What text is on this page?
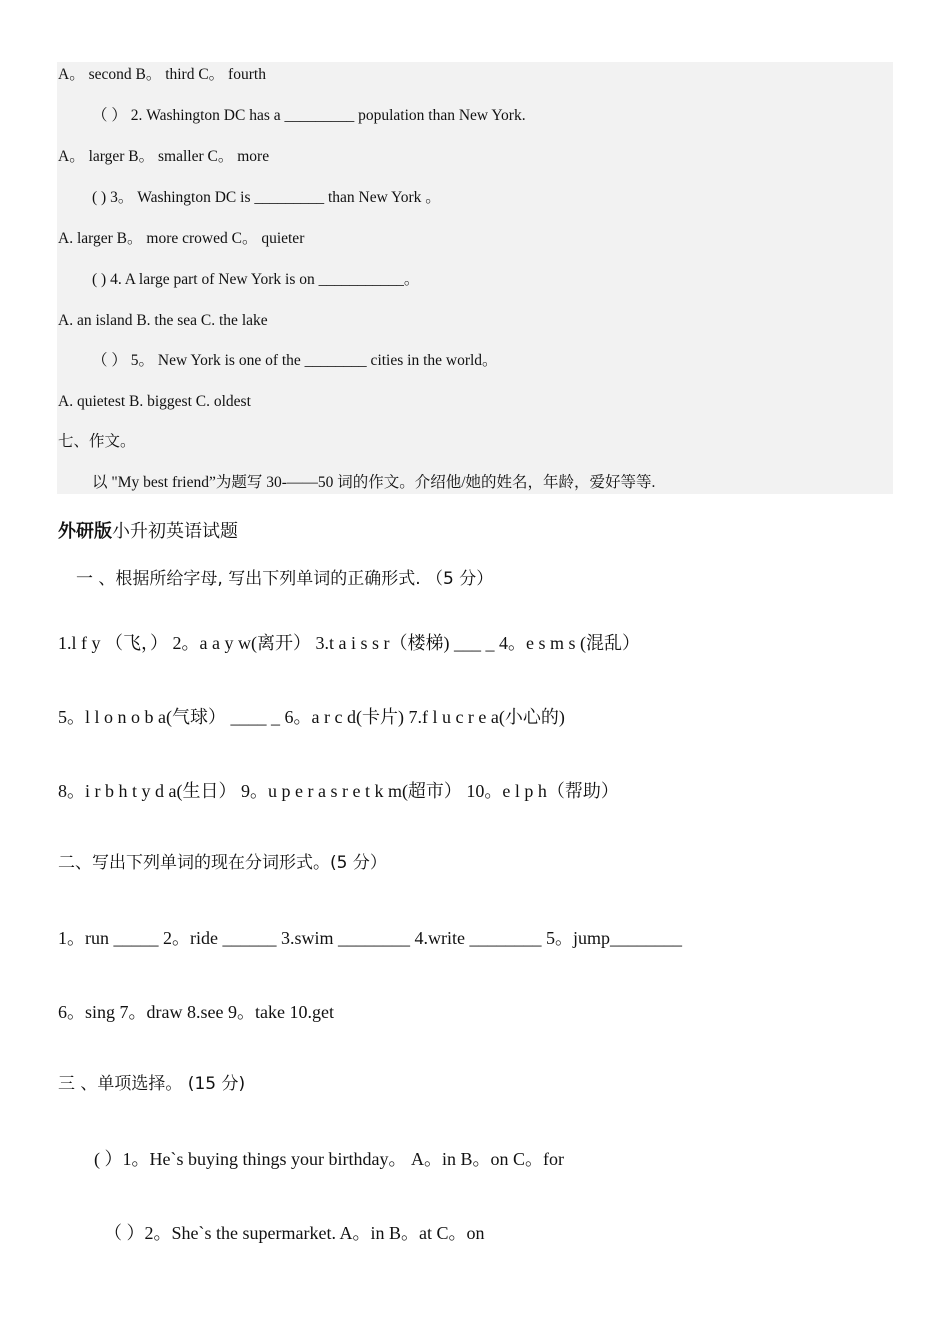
A。 second B。 third C。 fourth
（ ） 2. Washington DC has a _________ population than New York.
A。 larger B。 smaller C。 more
( ) 3。 Washington DC is _________ than New York 。
A. larger B。 more crowed C。 quieter
( ) 4. A large part of New York is on ___________。
A. an island B. the sea C. the lake
（ ） 5。 New York is one of the ________ cities in the world。
A. quietest B. biggest C. oldest
七、作文。
以 "My best friend”为题写 30-——50 词的作文。介绍他/她的姓名，年龄，爱好等等.
外研版小升初英语试题
一 、根据所给字母, 写出下列单词的正确形式. （5 分）
1.l f y （飞，） 2。a a y w(离开） 3.t a i s s r（楼梯) ___ _ 4。e s m s (混乱）
5。l l o n o b a(气球） ____ _ 6。a r c d(卡片) 7.f l u c r e a(小心的)
8。i r b h t y d a(生日） 9。u p e r a s r e t k m(超市） 10。e l p h（帮助）
二、写出下列单词的现在分词形式。(5 分）
1。run _____ 2。ride ______ 3.swim ________ 4.write ________ 5。jump________
6。sing 7。draw 8.see 9。take 10.get
三 、单项选择。 (15 分)
( ）1。He`s buying things your birthday。 A。in B。on C。for
（ ）2。She`s the supermarket. A。in B。at C。on
